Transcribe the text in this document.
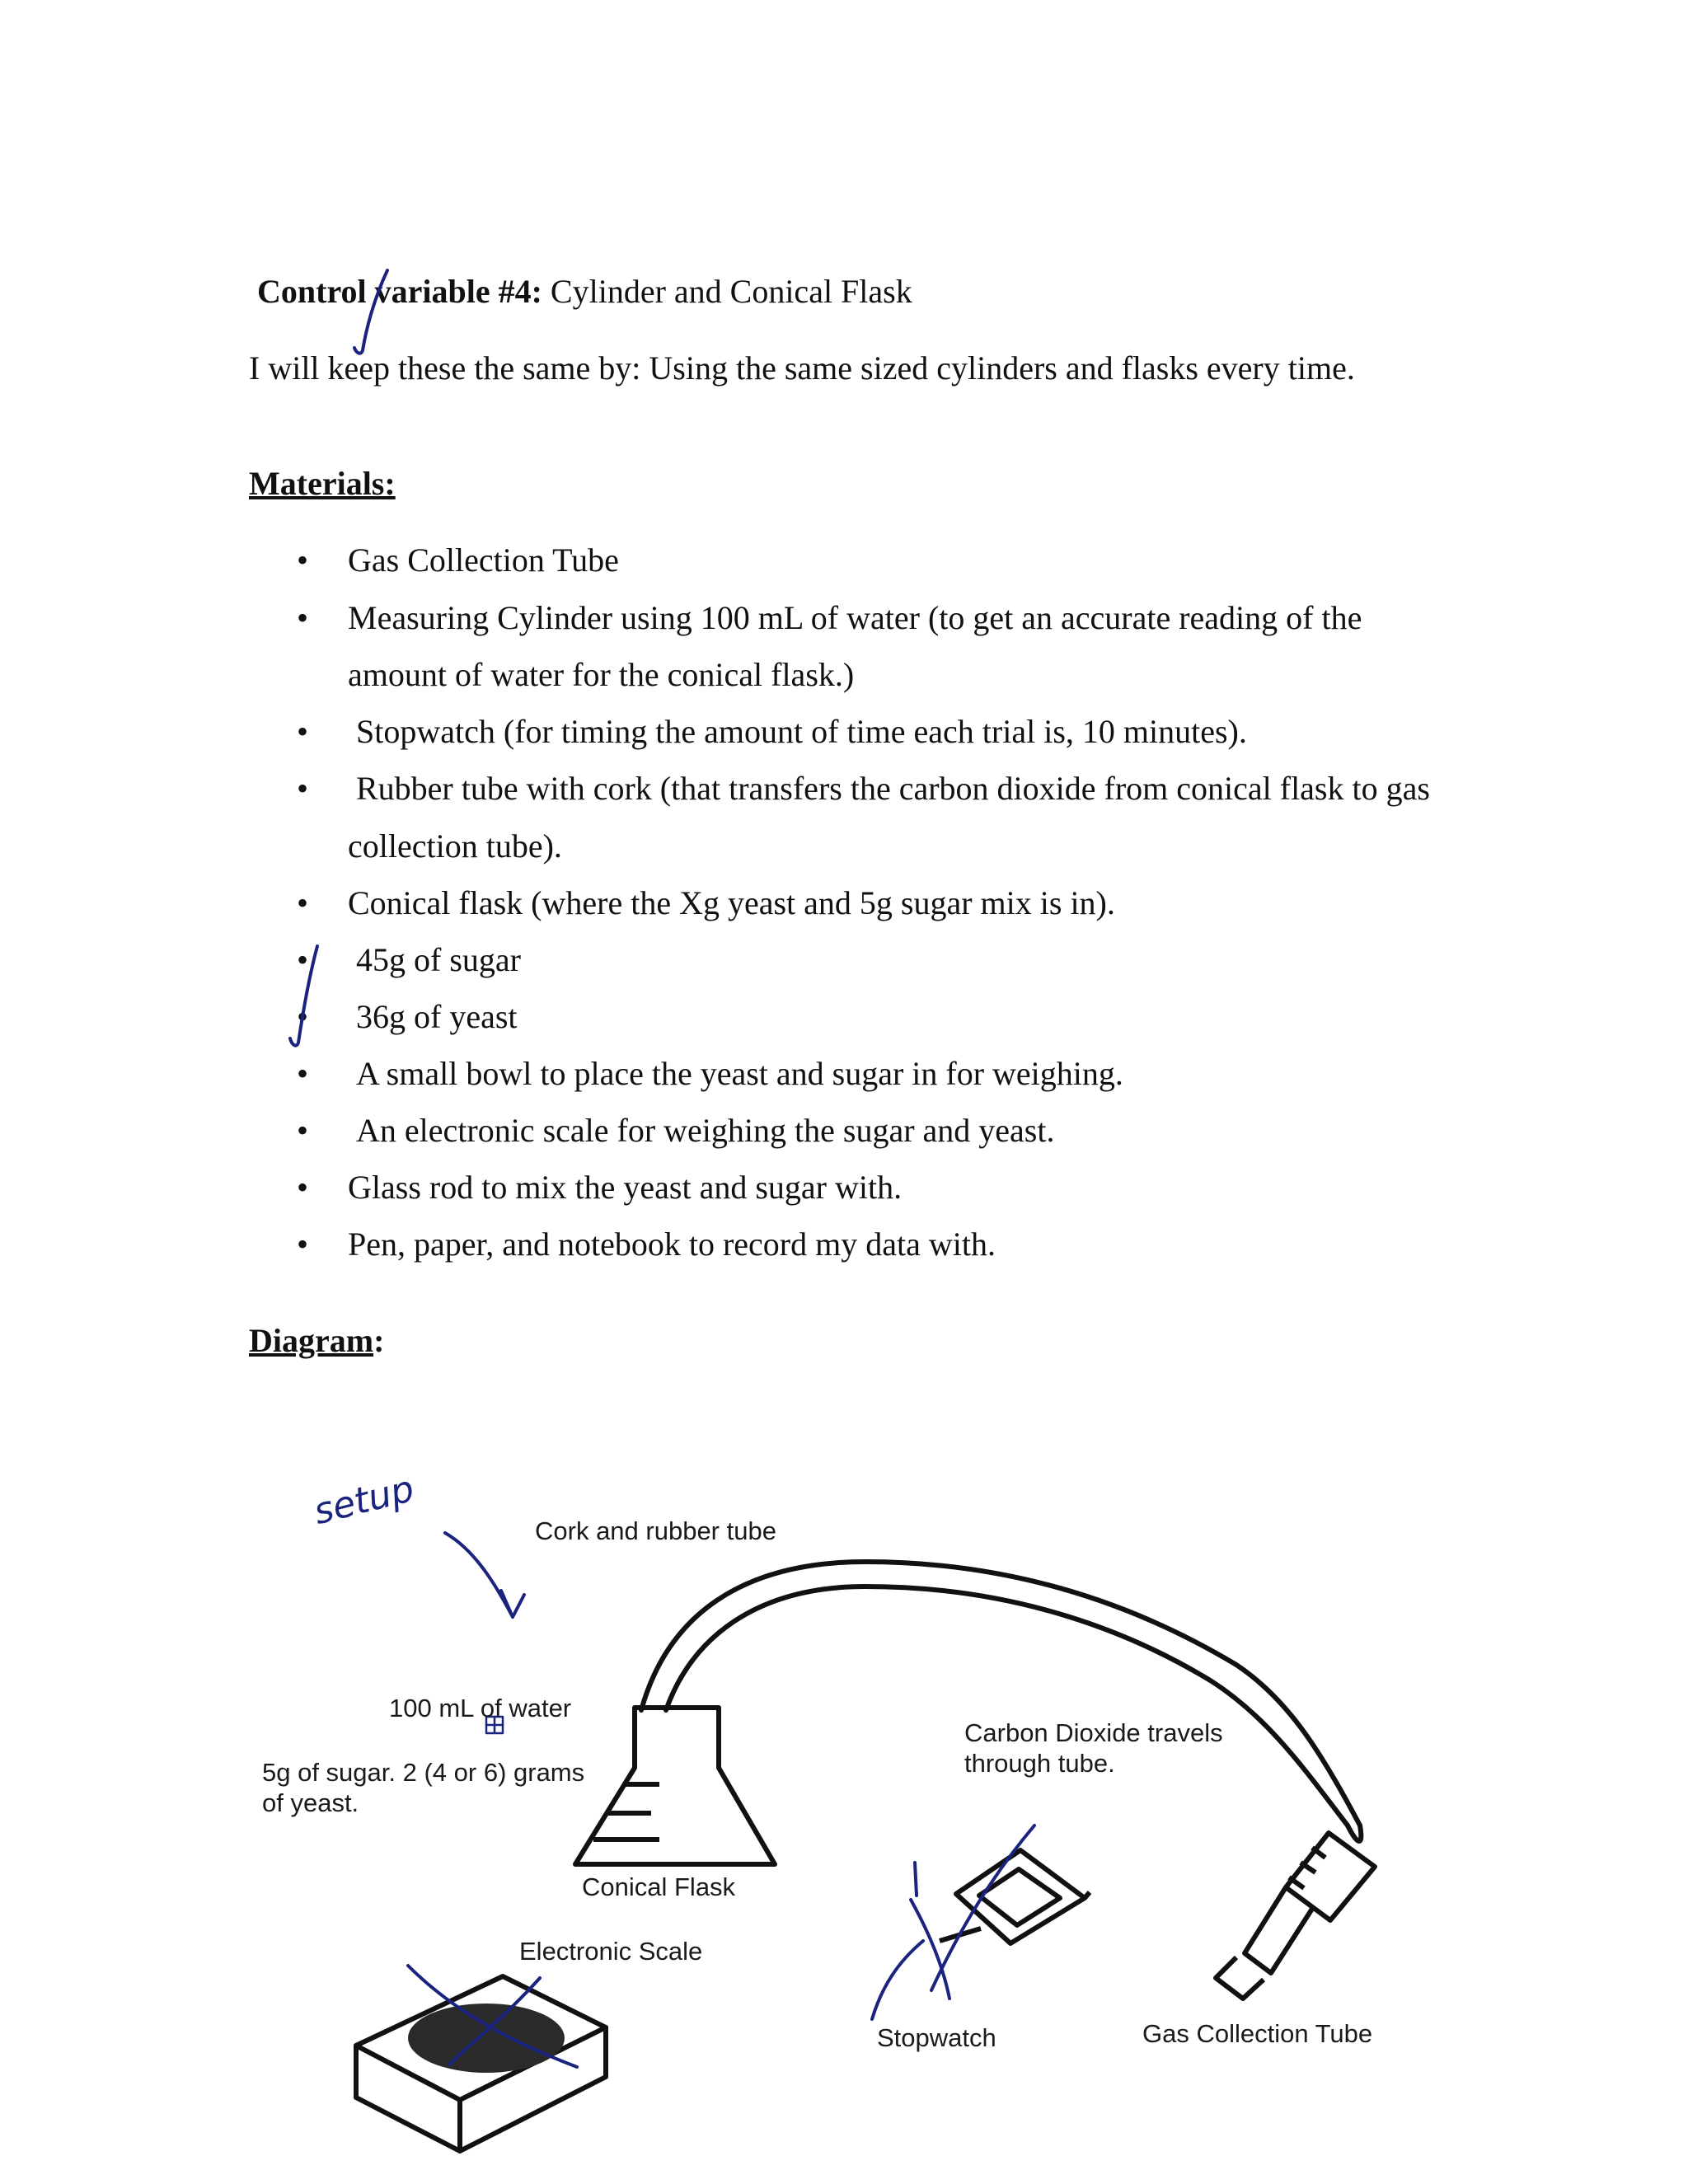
Control variable #4: Cylinder and Conical Flask
I will keep these the same by: Using the same sized cylinders and flasks every time.
Materials:
• Gas Collection Tube
• Measuring Cylinder using 100 mL of water (to get an accurate reading of the
amount of water for the conical flask.)
• Stopwatch (for timing the amount of time each trial is, 10 minutes).
• Rubber tube with cork (that transfers the carbon dioxide from conical flask to gas
collection tube).
• Conical flask (where the Xg yeast and 5g sugar mix is in).
• 45g of sugar
• 36g of yeast
• A small bowl to place the yeast and sugar in for weighing.
• An electronic scale for weighing the sugar and yeast.
• Glass rod to mix the yeast and sugar with.
• Pen, paper, and notebook to record my data with.
Diagram:
setup	Cork and rubber tube
100 mL of water
5g of sugar. 2 (4 or 6) grams of yeast.
Carbon Dioxide travels through tube.
Conical Flask
Electronic Scale
Stopwatch	Gas Collection Tube
